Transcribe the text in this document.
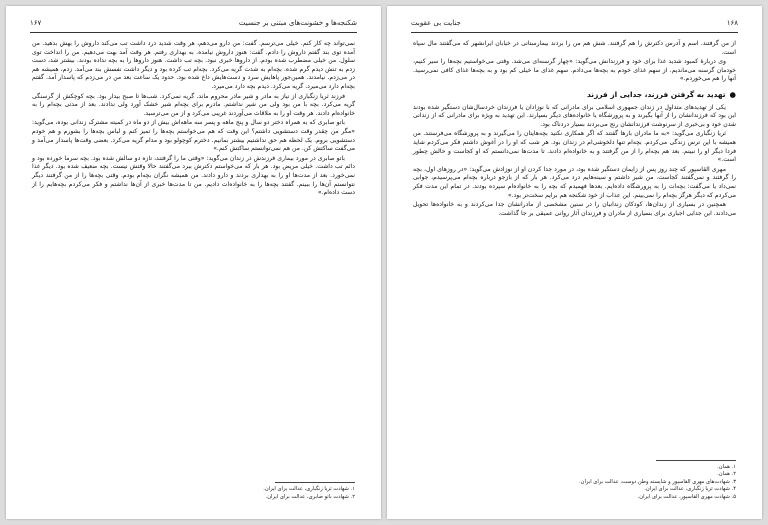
۱۶۷	شکنجه‌ها و خشونت‌های مبتنی بر جنسیت

نمی‌تواند چه کار کنم. خیلی می‌ترسم. گفت: من دارو می‌دهم، هر وقت شدید درد داشت تب می‌کند داروش را بهش بدهید. من آمده توی بند گفتم داروش را دادم. گفت: هنوز داروش نیامده. به بهداری رفتم. هر وقت آمد بهت می‌دهیم. من را انداخت توی سلول. من خیلی مضطرب شده بودم. از داروها خبری نبود. بچه تب داشت. هنوز داروها را به بچه نداده بودند. بیشتر شد، دست زدم به تنش دیدم گرم شده. بچه‌ام به شدت گریه می‌کرد. بچه‌ام تب کرده بود و دیگر داشت نفسش بند می‌آمد. زدم، همیشه هم در می‌زدم. نیامدند. همین‌جور پاهایش سرد و دست‌هایش داغ شده بود. حدود یک ساعت بعد من در می‌زدم که پاسدار آمد. گفتم بچه‌ام دارد می‌میرد. گریه می‌کرد. دیدم بچه دارد می‌میرد.

فرزند ثریا زنگباری از نیاز به مادر و شیر مادر محروم ماند. گریه نمی‌کرد. شب‌ها تا صبح بیدار بود. بچه کوچکش از گرسنگی گریه می‌کرد. بچه با من بود ولی من شیر نداشتم. مادرم برای بچه‌ام شیر خشک آورد ولی ندادند. بعد از مدتی بچه‌ام را به خانواده‌ام دادند. هر وقت او را به ملاقات می‌آوردند غریبی می‌کرد و از من می‌ترسید.

باتو صابری که به همراه دختر دو سال و پنج ماهه و پسر سه ماهه‌اش بیش از دو ماه در کمیته مشترک زندانی بوده، می‌گوید: «مگر من چقدر وقت دستشویی داشتم؟ این وقت که هم می‌خواستم بچه‌ها را تمیز کنم و لباس بچه‌ها را بشورم و هم خودم دستشویی بروم. یک لحظه هم حق نداشتیم بیشتر بمانیم. دخترم کوچولو بود و مدام گریه می‌کرد. بعضی وقت‌ها پاسدار می‌آمد و می‌گفت ساکتش کن. من هم نمی‌توانستم ساکتش کنم.»

باتو صابری در مورد بیماری فرزندش در زندان می‌گوید: «وقتی ما را گرفتند، تازه دو سالش شده بود. بچه سرما خورده بود و دائم تب داشت. خیلی مریض بود. هر بار که می‌خواستم دکترش ببرد می‌گفتند حالا وقتش نیست. بچه ضعیف شده بود. دیگر غذا نمی‌خورد. بعد از مدت‌ها او را به بهداری بردند و دارو دادند. من همیشه نگران بچه‌ام بودم. وقتی بچه‌ها را از من گرفتند دیگر نتوانستم آن‌ها را ببینم. گفتند بچه‌ها را به خانواده‌ات دادیم. من تا مدت‌ها خبری از آن‌ها نداشتم و فکر می‌کردم بچه‌هایم را از دست داده‌ام.»

۱. شهادت ثریا زنگباری، عدالت برای ایران.
۲. شهادت باتو صابری، عدالت برای ایران.
جنایت بی عقوبت	۱۶۸

از من گرفتند. اسم و آدرس دکترش را هم گرفتند. شش هم من را بردند بیمارستانی در خیابان ایرانشهر که می‌گفتند مال سپاه است.

وی دربارهٔ کمبود شدید غذا برای خود و فرزندانش می‌گوید: «چهار گرسنه‌ای می‌شد. وقتی می‌خواستیم بچه‌ها را سیر کنیم، خودمان گرسنه می‌ماندیم. از سهم غذای خودم به بچه‌ها می‌دادم. سهم غذای ما خیلی کم بود و به بچه‌ها غذای کافی نمی‌رسید. آنها را هم می‌خوردم.»

●تهدید به گرفتن فرزند، جدایی از فرزند

یکی از تهدیدهای متداول در زندان جمهوری اسلامی برای مادرانی که با نوزادان یا فرزندان خردسال‌شان دستگیر شده بودند این بود که فرزندانشان را از آنها بگیرند و به پرورشگاه یا خانواده‌های دیگر بسپارند. این تهدید به ویژه برای مادرانی که از زندانی شدن خود و بی‌خبری از سرنوشت فرزندانشان رنج می‌بردند بسیار دردناک بود.

ثریا زنگباری می‌گوید: «به ما مادران بارها گفتند که اگر همکاری نکنید بچه‌هایتان را می‌گیرند و به پرورشگاه می‌فرستند. من همیشه با این ترس زندگی می‌کردم. بچه‌ام تنها دلخوشی‌ام در زندان بود. هر شب که او را در آغوش داشتم فکر می‌کردم شاید فردا دیگر او را نبینم. بعد هم بچه‌ام را از من گرفتند و به خانواده‌ام دادند. تا مدت‌ها نمی‌دانستم که او کجاست و حالش چطور است.»

مهری القاسپور که چند روز پس از زایمان دستگیر شده بود، در مورد جدا کردن او از نوزادش می‌گوید: «در روزهای اول، بچه را گرفتند و نمی‌گفتند کجاست. من شیر داشتم و سینه‌هایم درد می‌کرد. هر بار که از بازجو درباره بچه‌ام می‌پرسیدم، جوابی نمی‌داد یا می‌گفت: بچه‌ات را به پرورشگاه داده‌ایم. بعدها فهمیدم که بچه را به خانواده‌ام سپرده بودند. در تمام این مدت فکر می‌کردم که دیگر هرگز بچه‌ام را نمی‌بینم. این عذاب از خود شکنجه هم برایم سخت‌تر بود.»

همچنین در بسیاری از زندان‌ها، کودکان زندانیان را در سنین مشخصی از مادرانشان جدا می‌کردند و به خانواده‌ها تحویل می‌دادند. این جدایی اجباری برای بسیاری از مادران و فرزندان آثار روانی عمیقی بر جا گذاشت.

۱. همان.
۲. همان.
۳. شهادت‌های مهری القاسپور و شایسته وطن دوست، عدالت برای ایران.
۴. شهادت ثریا زنگباری، عدالت برای ایران.
۵. شهادت مهری القاسپور، عدالت برای ایران.
